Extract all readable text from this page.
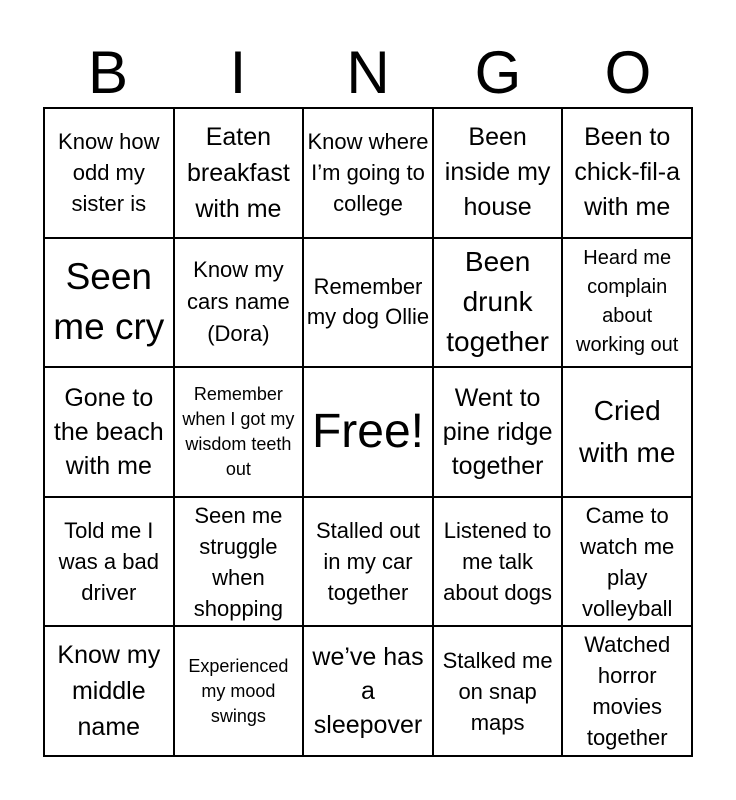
B	I	N	G	O
Know how odd my sister is
Eaten breakfast with me
Know where I’m going to college
Been inside my house
Been to chick-fil-a with me
Seen me cry
Know my cars name (Dora)
Remember my dog Ollie
Been drunk together
Heard me complain about working out
Gone to the beach with me
Remember when I got my wisdom teeth out
Free!
Went to pine ridge together
Cried with me
Told me I was a bad driver
Seen me struggle when shopping
Stalled out in my car together
Listened to me talk about dogs
Came to watch me play volleyball
Know my middle name
Experienced my mood swings
we’ve has a sleepover
Stalked me on snap maps
Watched horror movies together
